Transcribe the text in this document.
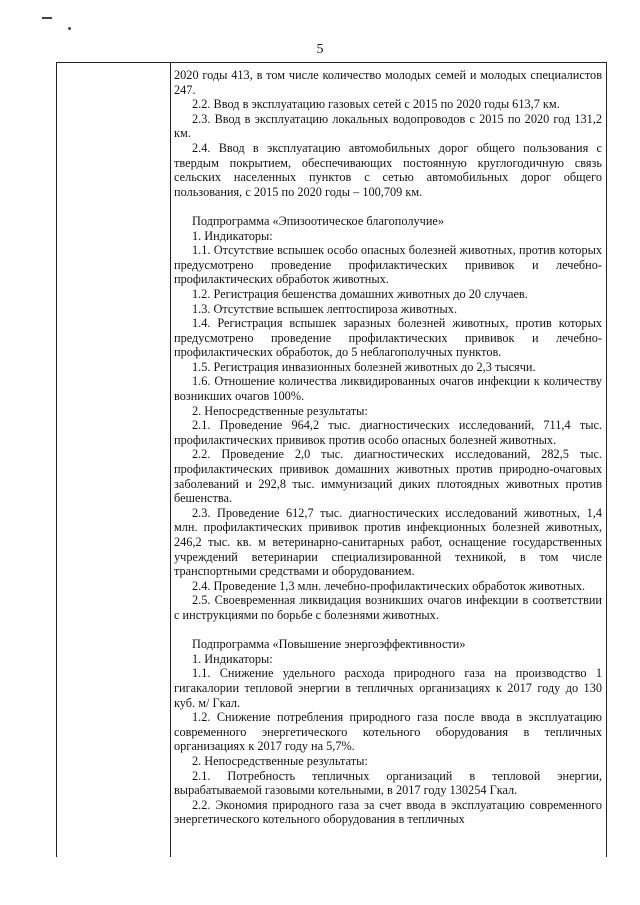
5

2020 годы 413, в том числе количество молодых семей и молодых специалистов 247.

2.2. Ввод в эксплуатацию газовых сетей с 2015 по 2020 годы 613,7 км.

2.3. Ввод в эксплуатацию локальных водопроводов с 2015 по 2020 год 131,2 км.

2.4. Ввод в эксплуатацию автомобильных дорог общего пользования с твердым покрытием, обеспечивающих постоянную круглогодичную связь сельских населенных пунктов с сетью автомобильных дорог общего пользования, с 2015 по 2020 годы – 100,709 км.

Подпрограмма «Эпизоотическое благополучие»

1. Индикаторы:

1.1. Отсутствие вспышек особо опасных болезней животных, против которых предусмотрено проведение профилактических прививок и лечебно-профилактических обработок животных.

1.2. Регистрация бешенства домашних животных до 20 случаев.

1.3. Отсутствие вспышек лептоспироза животных.

1.4. Регистрация вспышек заразных болезней животных, против которых предусмотрено проведение профилактических прививок и лечебно-профилактических обработок, до 5 неблагополучных пунктов.

1.5. Регистрация инвазионных болезней животных до 2,3 тысячи.

1.6. Отношение количества ликвидированных очагов инфекции к количеству возникших очагов 100%.

2. Непосредственные результаты:

2.1. Проведение 964,2 тыс. диагностических исследований, 711,4 тыс. профилактических прививок против особо опасных болезней животных.

2.2. Проведение 2,0 тыс. диагностических исследований, 282,5 тыс. профилактических прививок домашних животных против природно-очаговых заболеваний и 292,8 тыс. иммунизаций диких плотоядных животных против бешенства.

2.3. Проведение 612,7 тыс. диагностических исследований животных, 1,4 млн. профилактических прививок против инфекционных болезней животных, 246,2 тыс. кв. м ветеринарно-санитарных работ, оснащение государственных учреждений ветеринарии специализированной техникой, в том числе транспортными средствами и оборудованием.

2.4. Проведение 1,3 млн. лечебно-профилактических обработок животных.

2.5. Своевременная ликвидация возникших очагов инфекции в соответствии с инструкциями по борьбе с болезнями животных.

Подпрограмма «Повышение энергоэффективности»

1. Индикаторы:

1.1. Снижение удельного расхода природного газа на производство 1 гигакалории тепловой энергии в тепличных организациях к 2017 году до 130 куб. м/ Гкал.

1.2. Снижение потребления природного газа после ввода в эксплуатацию современного энергетического котельного оборудования в тепличных организациях к 2017 году на 5,7%.

2. Непосредственные результаты:

2.1. Потребность тепличных организаций в тепловой энергии, вырабатываемой газовыми котельными, в 2017 году 130254 Гкал.

2.2. Экономия природного газа за счет ввода в эксплуатацию современного энергетического котельного оборудования в тепличных
